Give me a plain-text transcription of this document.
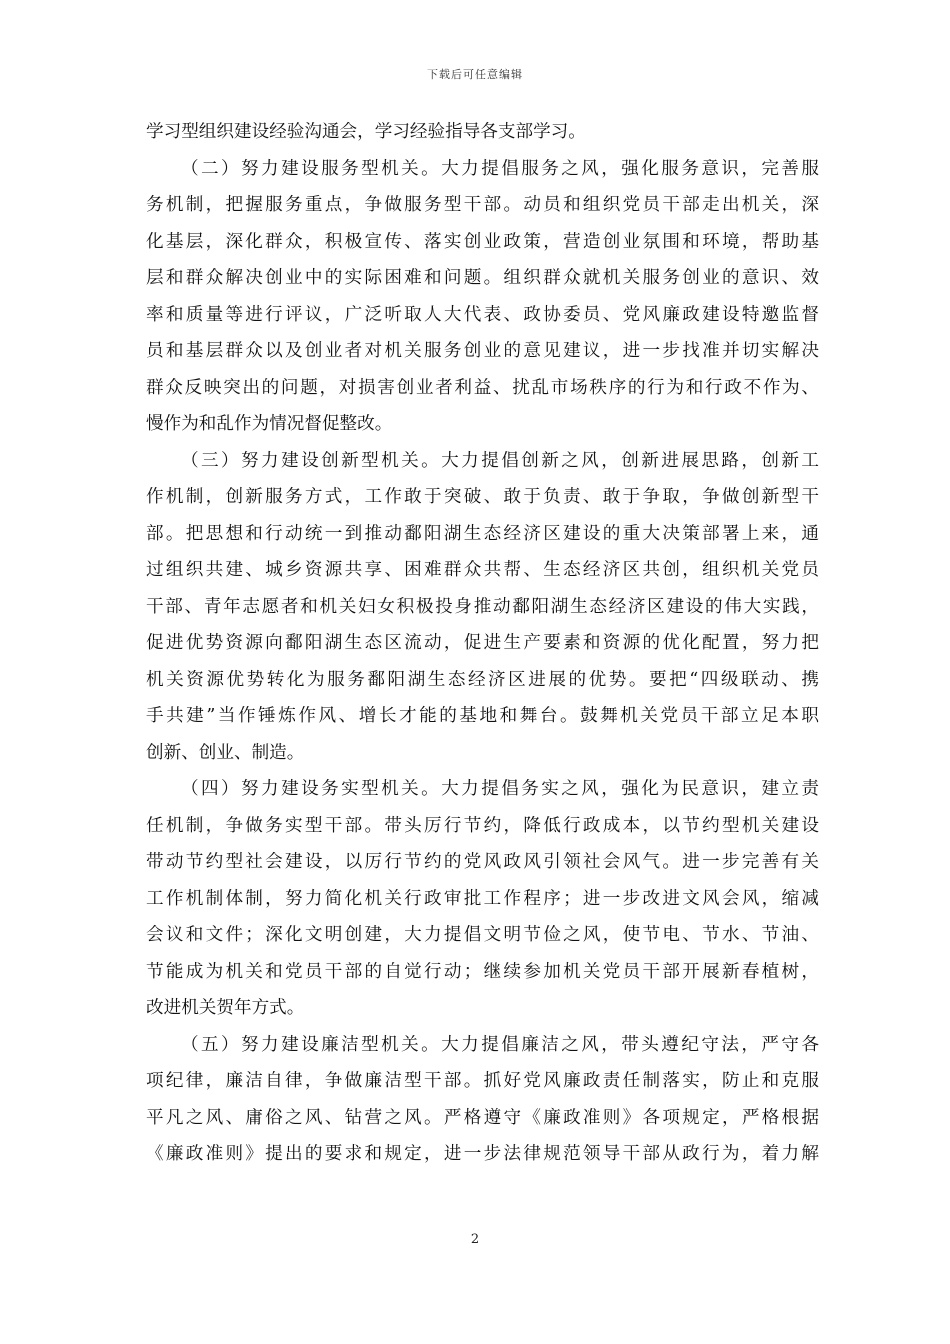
下载后可任意编辑
学习型组织建设经验沟通会，学习经验指导各支部学习。
（二）努力建设服务型机关。大力提倡服务之风，强化服务意识，完善服
务机制，把握服务重点，争做服务型干部。动员和组织党员干部走出机关，深
化基层，深化群众，积极宣传、落实创业政策，营造创业氛围和环境，帮助基
层和群众解决创业中的实际困难和问题。组织群众就机关服务创业的意识、效
率和质量等进行评议，广泛听取人大代表、政协委员、党风廉政建设特邀监督
员和基层群众以及创业者对机关服务创业的意见建议，进一步找准并切实解决
群众反映突出的问题，对损害创业者利益、扰乱市场秩序的行为和行政不作为、
慢作为和乱作为情况督促整改。
（三）努力建设创新型机关。大力提倡创新之风，创新进展思路，创新工
作机制，创新服务方式，工作敢于突破、敢于负责、敢于争取，争做创新型干
部。把思想和行动统一到推动鄱阳湖生态经济区建设的重大决策部署上来，通
过组织共建、城乡资源共享、困难群众共帮、生态经济区共创，组织机关党员
干部、青年志愿者和机关妇女积极投身推动鄱阳湖生态经济区建设的伟大实践，
促进优势资源向鄱阳湖生态区流动，促进生产要素和资源的优化配置，努力把
机关资源优势转化为服务鄱阳湖生态经济区进展的优势。要把“四级联动、携
手共建”当作锤炼作风、增长才能的基地和舞台。鼓舞机关党员干部立足本职
创新、创业、制造。
（四）努力建设务实型机关。大力提倡务实之风，强化为民意识，建立责
任机制，争做务实型干部。带头厉行节约，降低行政成本，以节约型机关建设
带动节约型社会建设，以厉行节约的党风政风引领社会风气。进一步完善有关
工作机制体制，努力简化机关行政审批工作程序；进一步改进文风会风，缩减
会议和文件；深化文明创建，大力提倡文明节俭之风，使节电、节水、节油、
节能成为机关和党员干部的自觉行动；继续参加机关党员干部开展新春植树，
改进机关贺年方式。
（五）努力建设廉洁型机关。大力提倡廉洁之风，带头遵纪守法，严守各
项纪律，廉洁自律，争做廉洁型干部。抓好党风廉政责任制落实，防止和克服
平凡之风、庸俗之风、钻营之风。严格遵守《廉政准则》各项规定，严格根据
《廉政准则》提出的要求和规定，进一步法律规范领导干部从政行为，着力解
2
